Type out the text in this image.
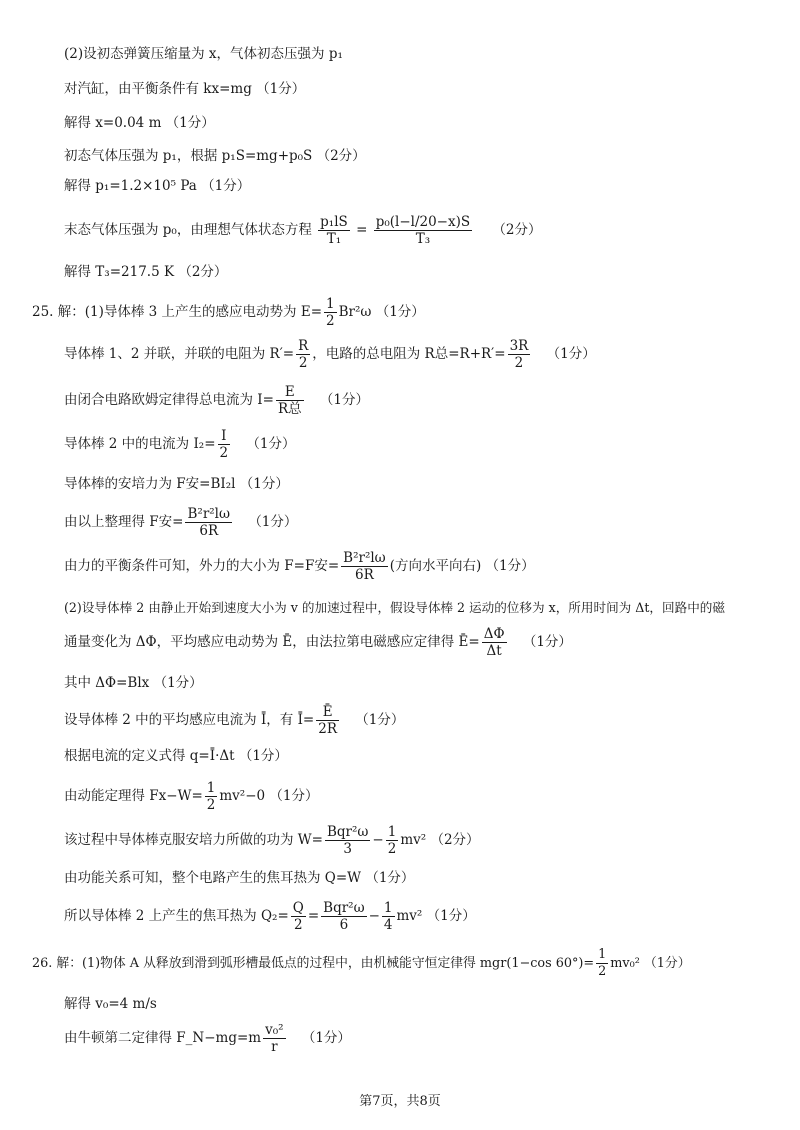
(2)设初态弹簧压缩量为 x，气体初态压强为 p₁
对汽缸，由平衡条件有 kx=mg （1分）
解得 x=0.04 m （1分）
初态气体压强为 p₁，根据 p₁S=mg+p₀S （2分）
解得 p₁=1.2×10⁵ Pa （1分）
末态气体压强为 p₀，由理想气体状态方程 $\frac{\text{p₁lS}}{\text{T₁}} = \frac{\text{p₀(l−l/20−x)S}}{\text{T₃}} (2$分）
解得 T₃=217.5 K （2分）
25. 解：(1)导体棒 3 上产生的感应电动势为 $E= \frac{1}{2} Br^2\omega$ （1分）
导体棒 1、2 并联，并联的电阻为 $R'= \frac{R}{2}$ ，电路的总电阻为 R总$=R+R'= \frac{3R}{2} (1$分）
由闭合电路欧姆定律得总电流为 $I= \frac{E}{\text{R总}} (1$分）
导体棒 2 中的电流为 $I_2= \frac{I}{2} (1$分）
导体棒的安培力为 F安=BI₂l （1分）
由以上整理得 F安= $\frac{\text{B²r²lω}}{6R} (1$分）
由力的平衡条件可知，外力的大小为 F=F安= $\frac{\text{B²r²lω}}{6R}$ (方向水平向右) （1分）
(2)设导体棒 2 由静止开始到速度大小为 v 的加速过程中，假设导体棒 2 运动的位移为 x，所用时间为 Δt，回路中的磁
通量变化为 ΔΦ，平均感应电动势为 Ē，由法拉第电磁感应定律得 Ē= $\frac{\Delta\Phi}{\Delta t} (1$分）
其中 ΔΦ=Blx （1分）
设导体棒 2 中的平均感应电流为 Ī，有 Ī= $\frac{Ē}{2R} (1$分）
根据电流的定义式得 q=Ī·Δt （1分）
由动能定理得 $Fx-W= \frac{1}{2} mv^2-0$ （1分）
该过程中导体棒克服安培力所做的功为 $W= \frac{\text{Bqr²ω}}{3} - \frac{1}{2} mv^2$ （2分）
由功能关系可知，整个电路产生的焦耳热为 Q=W （1分）
所以导体棒 2 上产生的焦耳热为 $Q_2= \frac{Q}{2} = \frac{\text{Bqr²ω}}{6} - \frac{1}{4} mv^2$ （1分）
26. 解：(1)物体 A 从释放到滑到弧形槽最低点的过程中，由机械能守恒定律得 mgr(1−cos $60^\circ)= \frac{1}{2} mv_0^2$ （1分）
解得 v₀=4 m/s
由牛顿第二定律得 F_N−mg=m $\frac{\text{v₀²}}{r} (1$分）
第7页，共8页
